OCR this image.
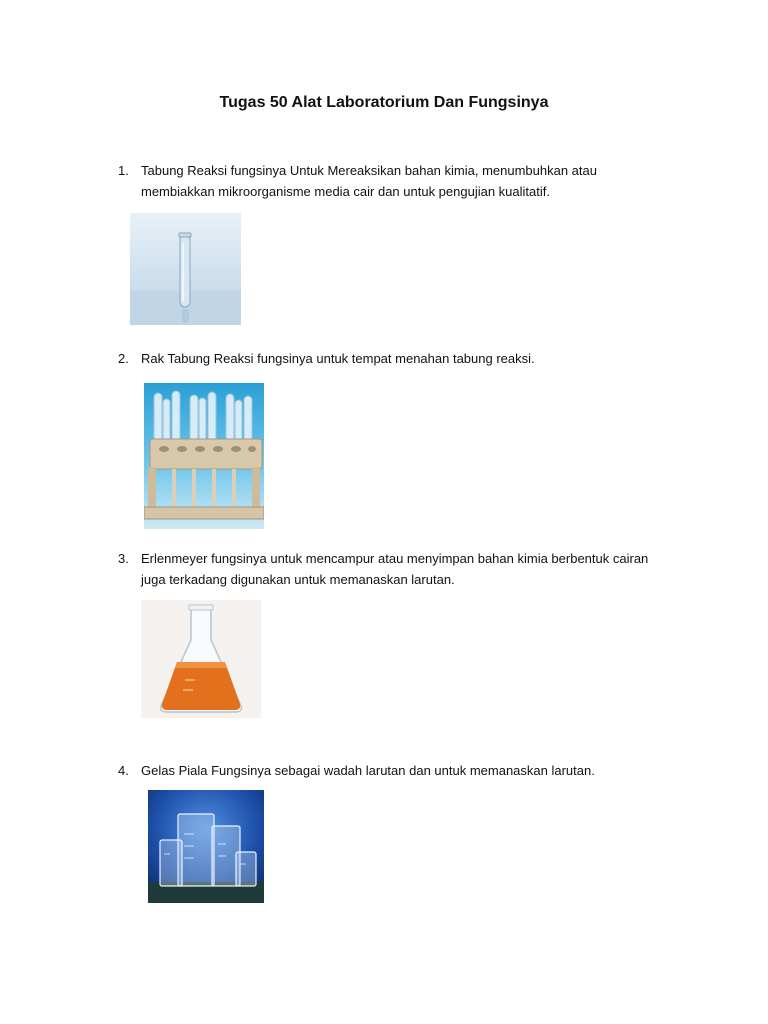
Tugas 50 Alat Laboratorium Dan Fungsinya
1. Tabung Reaksi fungsinya Untuk Mereaksikan bahan kimia, menumbuhkan atau membiakkan mikroorganisme media cair dan untuk pengujian kualitatif.
2. Rak Tabung Reaksi fungsinya untuk tempat menahan tabung reaksi.
3. Erlenmeyer fungsinya untuk mencampur atau menyimpan bahan kimia berbentuk cairan juga terkadang digunakan untuk memanaskan larutan.
4. Gelas Piala Fungsinya sebagai wadah larutan dan untuk memanaskan larutan.
